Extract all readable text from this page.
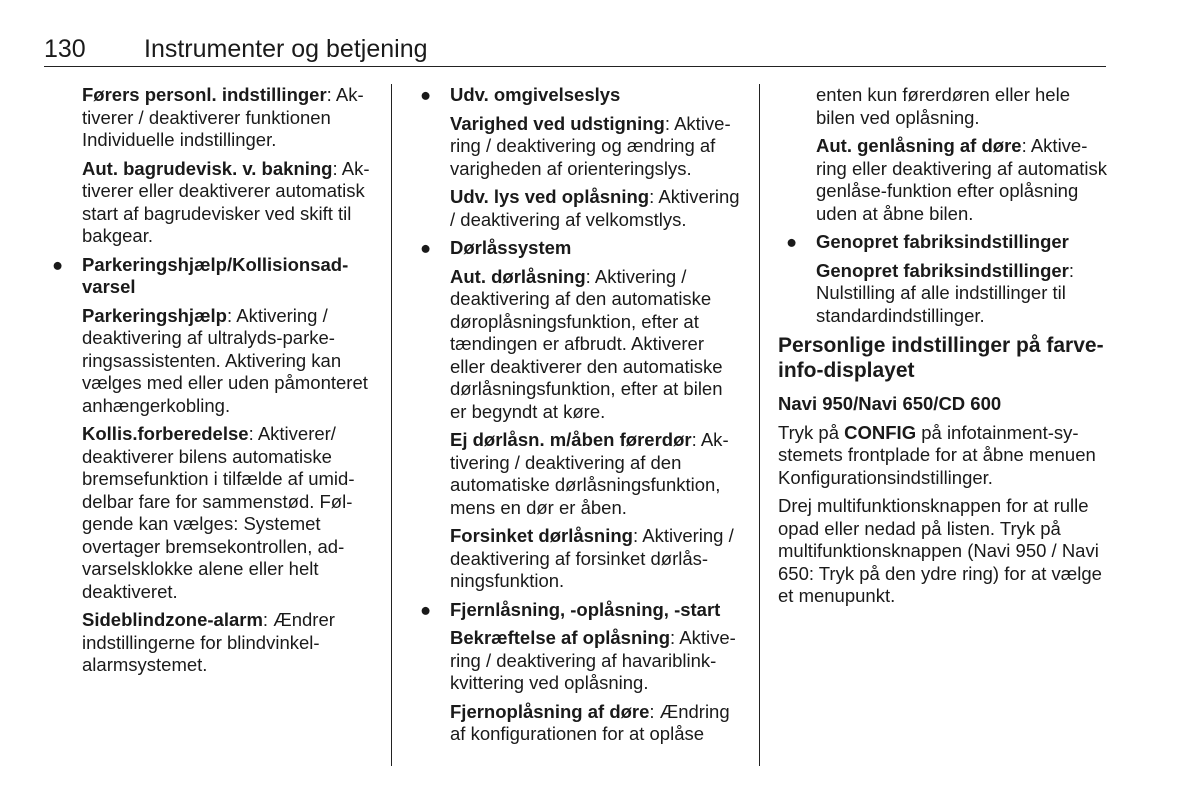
130 Instrumenter og betjening

Førers personl. indstillinger: Aktiverer / deaktiverer funktionen Individuelle indstillinger.

Aut. bagrudevisk. v. bakning: Aktiverer eller deaktiverer automatisk start af bagrudevisker ved skift til bakgear.

● Parkeringshjælp/Kollisionsadvarsel

Parkeringshjælp: Aktivering / deaktivering af ultralyds-parkeringsassistenten. Aktivering kan vælges med eller uden påmonteret anhængerkobling.

Kollis.forberedelse: Aktiverer/ deaktiverer bilens automatiske bremsefunktion i tilfælde af umiddelbar fare for sammenstød. Følgende kan vælges: Systemet overtager bremsekontrollen, advarselsklokke alene eller helt deaktiveret.

Sideblindzone-alarm: Ændrer indstillingerne for blindvinkelalarmsystemet.

● Udv. omgivelseslys

Varighed ved udstigning: Aktivering / deaktivering og ændring af varigheden af orienteringslys.

Udv. lys ved oplåsning: Aktivering / deaktivering af velkomstlys.

● Dørlåssystem

Aut. dørlåsning: Aktivering / deaktivering af den automatiske døroplåsningsfunktion, efter at tændingen er afbrudt. Aktiverer eller deaktiverer den automatiske dørlåsningsfunktion, efter at bilen er begyndt at køre.

Ej dørlåsn. m/åben førerdør: Aktivering / deaktivering af den automatiske dørlåsningsfunktion, mens en dør er åben.

Forsinket dørlåsning: Aktivering / deaktivering af forsinket dørlåsningsfunktion.

● Fjernlåsning, -oplåsning, -start

Bekræftelse af oplåsning: Aktivering / deaktivering af havariblinkkvittering ved oplåsning.

Fjernoplåsning af døre: Ændring af konfigurationen for at oplåse

enten kun førerdøren eller hele bilen ved oplåsning.

Aut. genlåsning af døre: Aktivering eller deaktivering af automatisk genlåse-funktion efter oplåsning uden at åbne bilen.

● Genopret fabriksindstillinger

Genopret fabriksindstillinger: Nulstilling af alle indstillinger til standardindstillinger.

Personlige indstillinger på farveinfo-displayet
Navi 950/Navi 650/CD 600

Tryk på CONFIG på infotainment-systemets frontplade for at åbne menuen Konfigurationsindstillinger.

Drej multifunktionsknappen for at rulle opad eller nedad på listen. Tryk på multifunktionsknappen (Navi 950 / Navi 650: Tryk på den ydre ring) for at vælge et menupunkt.
